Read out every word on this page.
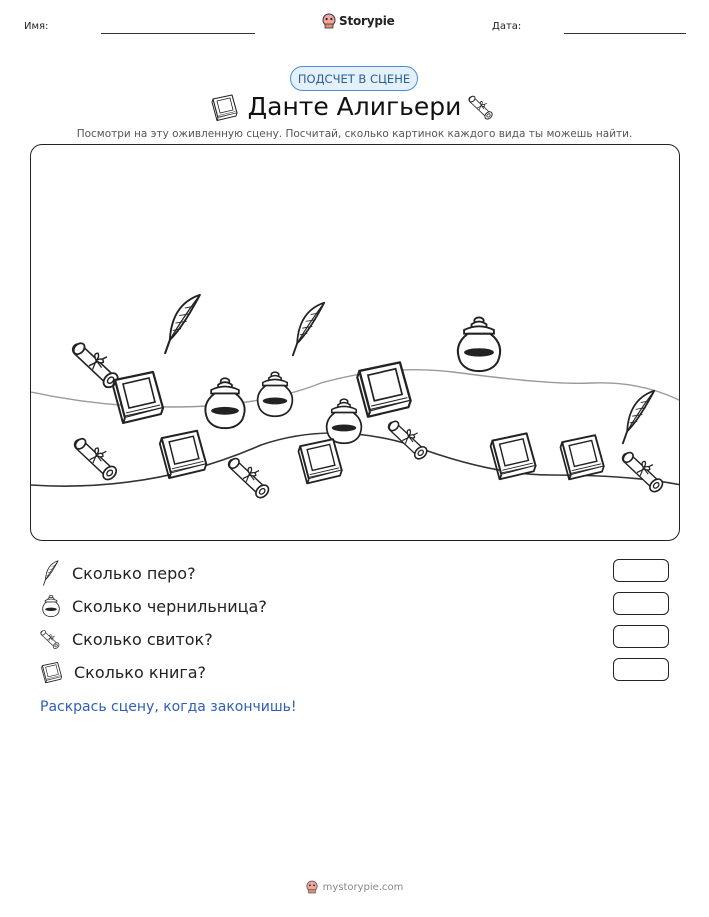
Имя:	Storypie	Дата:
ПОДСЧЕТ В СЦЕНЕ
Данте Алигьери
Посмотри на эту оживленную сцену. Посчитай, сколько картинок каждого вида ты можешь найти.
Сколько перо?
Сколько чернильница?
Сколько свиток?
Сколько книга?
Раскрась сцену, когда закончишь!
mystorypie.com
